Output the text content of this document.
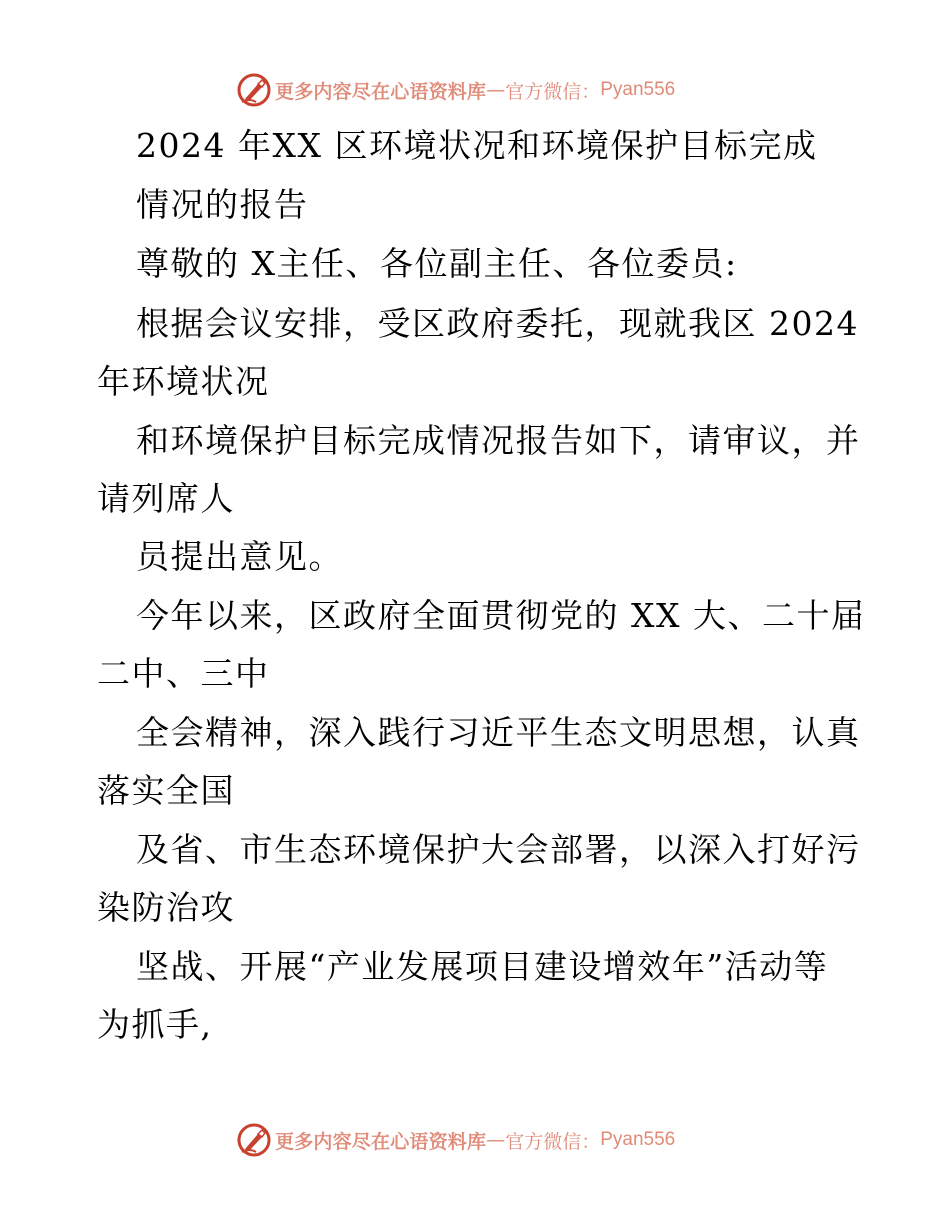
更多内容尽在心语资料库 — 官方微信： Pyan556
2024 年XX 区环境状况和环境保护目标完成
情况的报告
尊敬的 X主任、各位副主任、各位委员:
根据会议安排，受区政府委托，现就我区 2024
年环境状况
和环境保护目标完成情况报告如下，请审议，并
请列席人
员提出意见。
今年以来，区政府全面贯彻党的 XX 大、二十届
二中、三中
全会精神，深入践行习近平生态文明思想，认真
落实全国
及省、市生态环境保护大会部署，以深入打好污
染防治攻
坚战、开展“产业发展项目建设增效年”活动等
为抓手,
更多内容尽在心语资料库 — 官方微信： Pyan556
